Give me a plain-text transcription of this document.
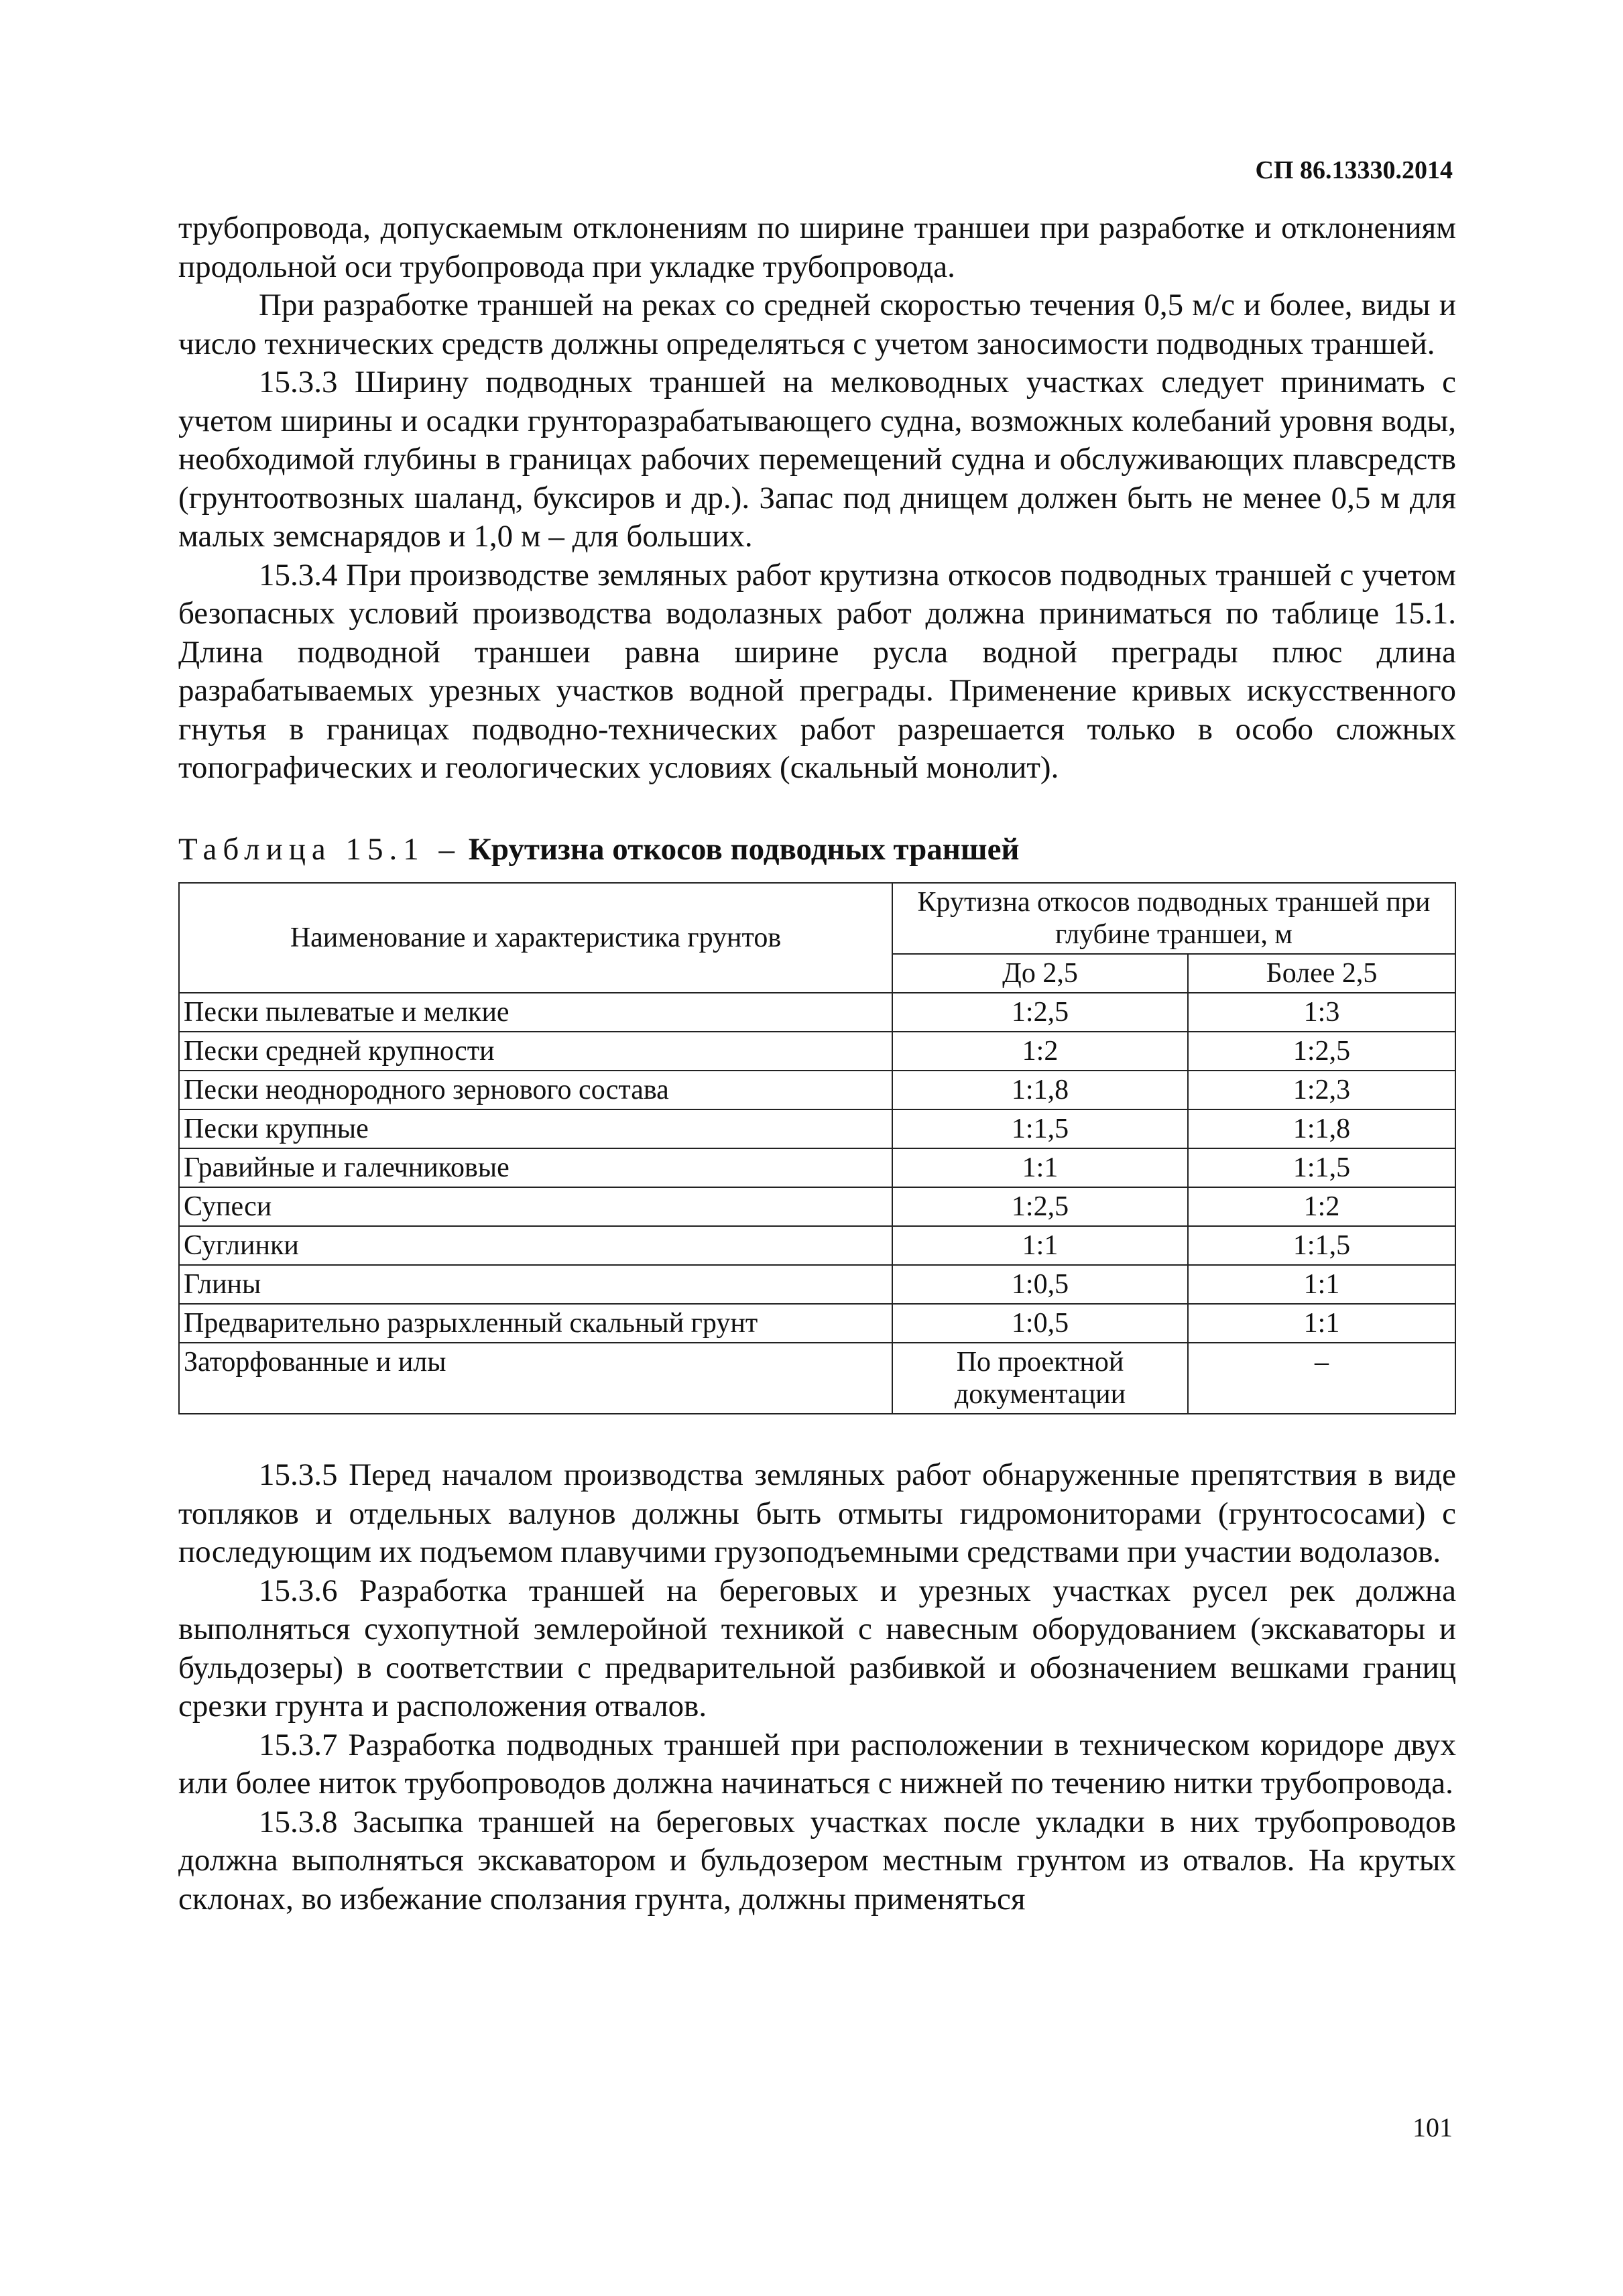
СП 86.13330.2014

трубопровода, допускаемым отклонениям по ширине траншеи при разработке и отклонениям продольной оси трубопровода при укладке трубопровода.

При разработке траншей на реках со средней скоростью течения 0,5 м/с и более, виды и число технических средств должны определяться с учетом заносимости подводных траншей.

15.3.3 Ширину подводных траншей на мелководных участках следует принимать с учетом ширины и осадки грунторазрабатывающего судна, возможных колебаний уровня воды, необходимой глубины в границах рабочих перемещений судна и обслуживающих плавсредств (грунтоотвозных шаланд, буксиров и др.). Запас под днищем должен быть не менее 0,5 м для малых земснарядов и 1,0 м – для больших.

15.3.4 При производстве земляных работ крутизна откосов подводных траншей с учетом безопасных условий производства водолазных работ должна приниматься по таблице 15.1. Длина подводной траншеи равна ширине русла водной преграды плюс длина разрабатываемых урезных участков водной преграды. Применение кривых искусственного гнутья в границах подводно-технических работ разрешается только в особо сложных топографических и геологических условиях (скальный монолит).

Таблица 15.1 – Крутизна откосов подводных траншей

Наименование и характеристика грунтов	Крутизна откосов подводных траншей при глубине траншеи, м	
	До 2,5	Более 2,5
Пески пылеватые и мелкие	1:2,5	1:3
Пески средней крупности	1:2	1:2,5
Пески неоднородного зернового состава	1:1,8	1:2,3
Пески крупные	1:1,5	1:1,8
Гравийные и галечниковые	1:1	1:1,5
Супеси	1:2,5	1:2
Суглинки	1:1	1:1,5
Глины	1:0,5	1:1
Предварительно разрыхленный скальный грунт	1:0,5	1:1
Заторфованные и илы	По проектной документации	–

15.3.5 Перед началом производства земляных работ обнаруженные препятствия в виде топляков и отдельных валунов должны быть отмыты гидромониторами (грунтососами) с последующим их подъемом плавучими грузоподъемными средствами при участии водолазов.

15.3.6 Разработка траншей на береговых и урезных участках русел рек должна выполняться сухопутной землеройной техникой с навесным оборудованием (экскаваторы и бульдозеры) в соответствии с предварительной разбивкой и обозначением вешками границ срезки грунта и расположения отвалов.

15.3.7 Разработка подводных траншей при расположении в техническом коридоре двух или более ниток трубопроводов должна начинаться с нижней по течению нитки трубопровода.

15.3.8 Засыпка траншей на береговых участках после укладки в них трубопроводов должна выполняться экскаватором и бульдозером местным грунтом из отвалов. На крутых склонах, во избежание сползания грунта, должны применяться

101
